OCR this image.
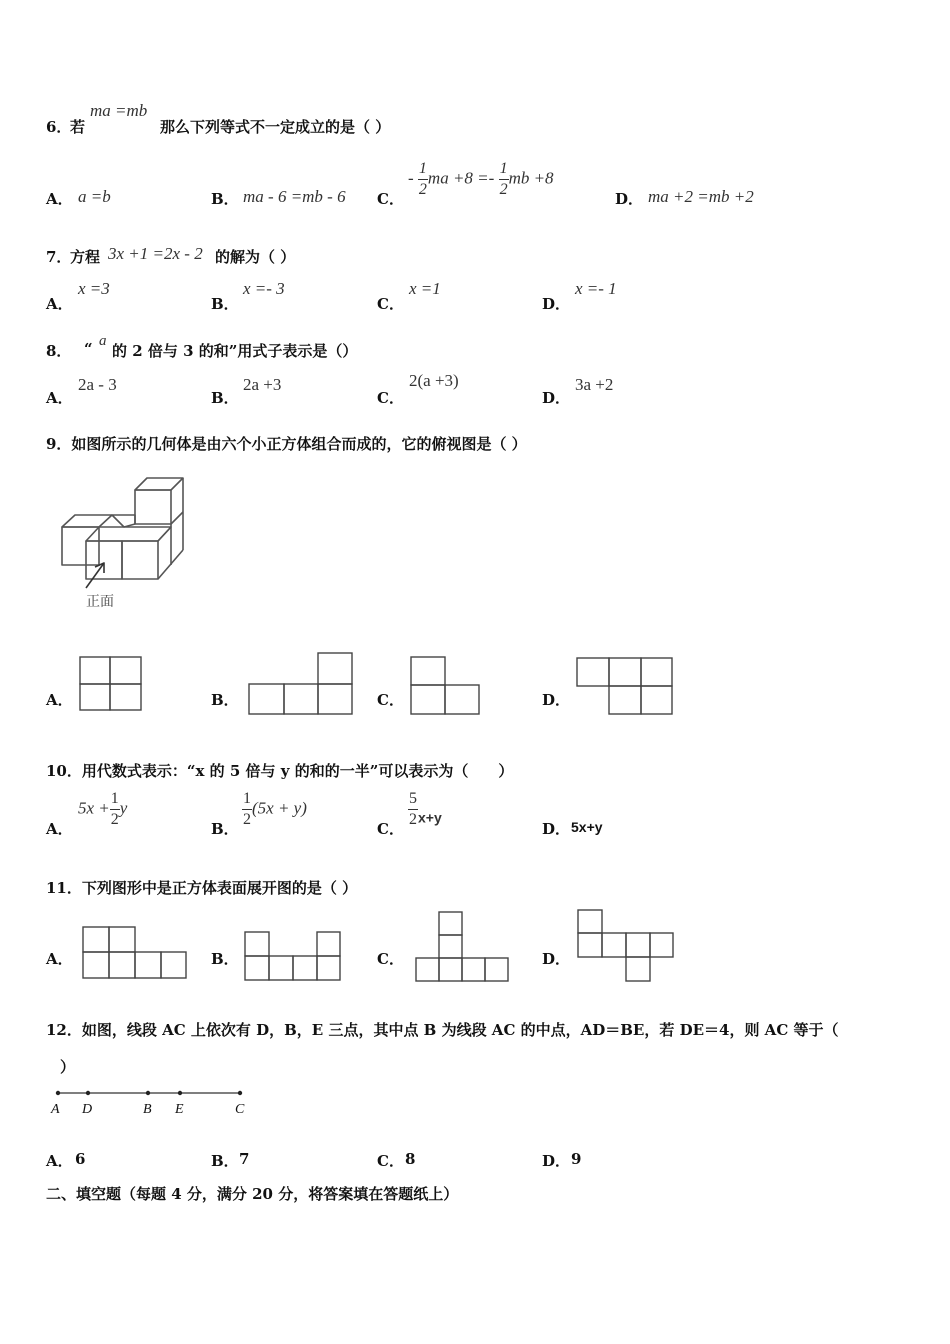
6．
若
ma =mb
那么下列等式不一定成立的是（ ）
A． a =b	B． ma - 6 =mb - 6 C．
- $\frac{1}{2}$ ma $+8 =- \frac{1}{2}$ mb +8
D． ma +2 =mb +2
7．
方程 3x +1 =2x - 2 的解为（ ）
A．
x =3
B．
x =- 3
C．
x =1
D．
x =- 1
8． “ a
的 2 倍与 3 的和”用式子表示是（）
A．
2a - 3
B．
2a +3
C．
2(a +3)
D．
3a +2
9．如图所示的几何体是由六个小正方体组合而成的，它的俯视图是（ ）
正面
A．	B．	C．	D．
10．用代数式表示：“x 的 5 倍与 y 的和的一半”可以表示为（　　）
A．
$5x + \frac{1}{2}$ y
B．
$\frac{1}{2} (5x + y)$
C．
$\frac{5}{2} _{x+y}$
D． 5x+y
11．下列图形中是正方体表面展开图的是（ ）
A．	B．	C．	D．
12．如图，线段 AC 上依次有 D，B，E 三点，其中点 B 为线段 AC 的中点，AD＝BE，若 DE＝4，则 AC 等于（
）
A D	B E	C
A． 6	B． 7	C． 8	D． 9
二、填空题（每题 4 分，满分 20 分，将答案填在答题纸上）
